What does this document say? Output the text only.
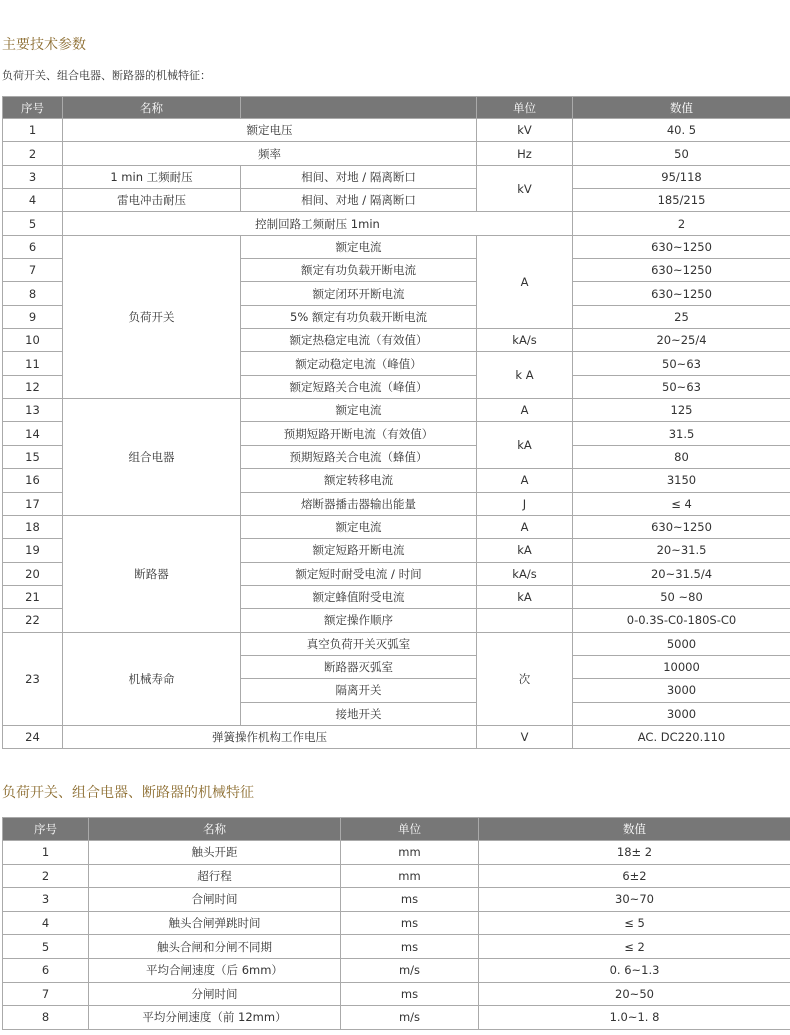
主要技术参数
负荷开关、组合电器、断路器的机械特征：
序号	名称		单位	数值
1	额定电压		kV	40. 5
2	频率		Hz	50
3	1 min 工频耐压	相间、对地 / 隔离断口	kV	95/118
4	雷电冲击耐压	相间、对地 / 隔离断口		185/215
5	控制回路工频耐压 1min			2
6	负荷开关	额定电流	A	630~1250
7		额定有功负载开断电流		630~1250
8		额定闭环开断电流		630~1250
9		5% 额定有功负载开断电流		25
10		额定热稳定电流（有效值）	kA/s	20~25/4
11		额定动稳定电流（峰值）	k A	50~63
12		额定短路关合电流（峰值）		50~63
13	组合电器	额定电流	A	125
14		预期短路开断电流（有效值）	kA	31.5
15		预期短路关合电流（蜂值）		80
16		额定转移电流	A	3150
17		熔断器播击器输出能量	J	≤ 4
18	断路器	额定电流	A	630~1250
19		额定短路开断电流	kA	20~31.5
20		额定短时耐受电流 / 时间	kA/s	20~31.5/4
21		额定蜂值附受电流	kA	50 ~80
22		额定操作顺序		0-0.3S-C0-180S-C0
23	机械寿命	真空负荷开关灭弧室	次	5000
		断路器灭弧室		10000
		隔离开关		3000
		接地开关		3000
24	弹簧操作机构工作电压		V	AC. DC220.110
负荷开关、组合电器、断路器的机械特征
序号	名称	单位	数值
1	触头开距	mm	18± 2
2	超行程	mm	6±2
3	合闸时间	ms	30~70
4	触头合闸弹跳时间	ms	≤ 5
5	触头合闸和分闸不同期	ms	≤ 2
6	平均合闸速度（后 6mm）	m/s	0. 6~1.3
7	分闸时间	ms	20~50
8	平均分闸速度（前 12mm）	m/s	1.0~1. 8
